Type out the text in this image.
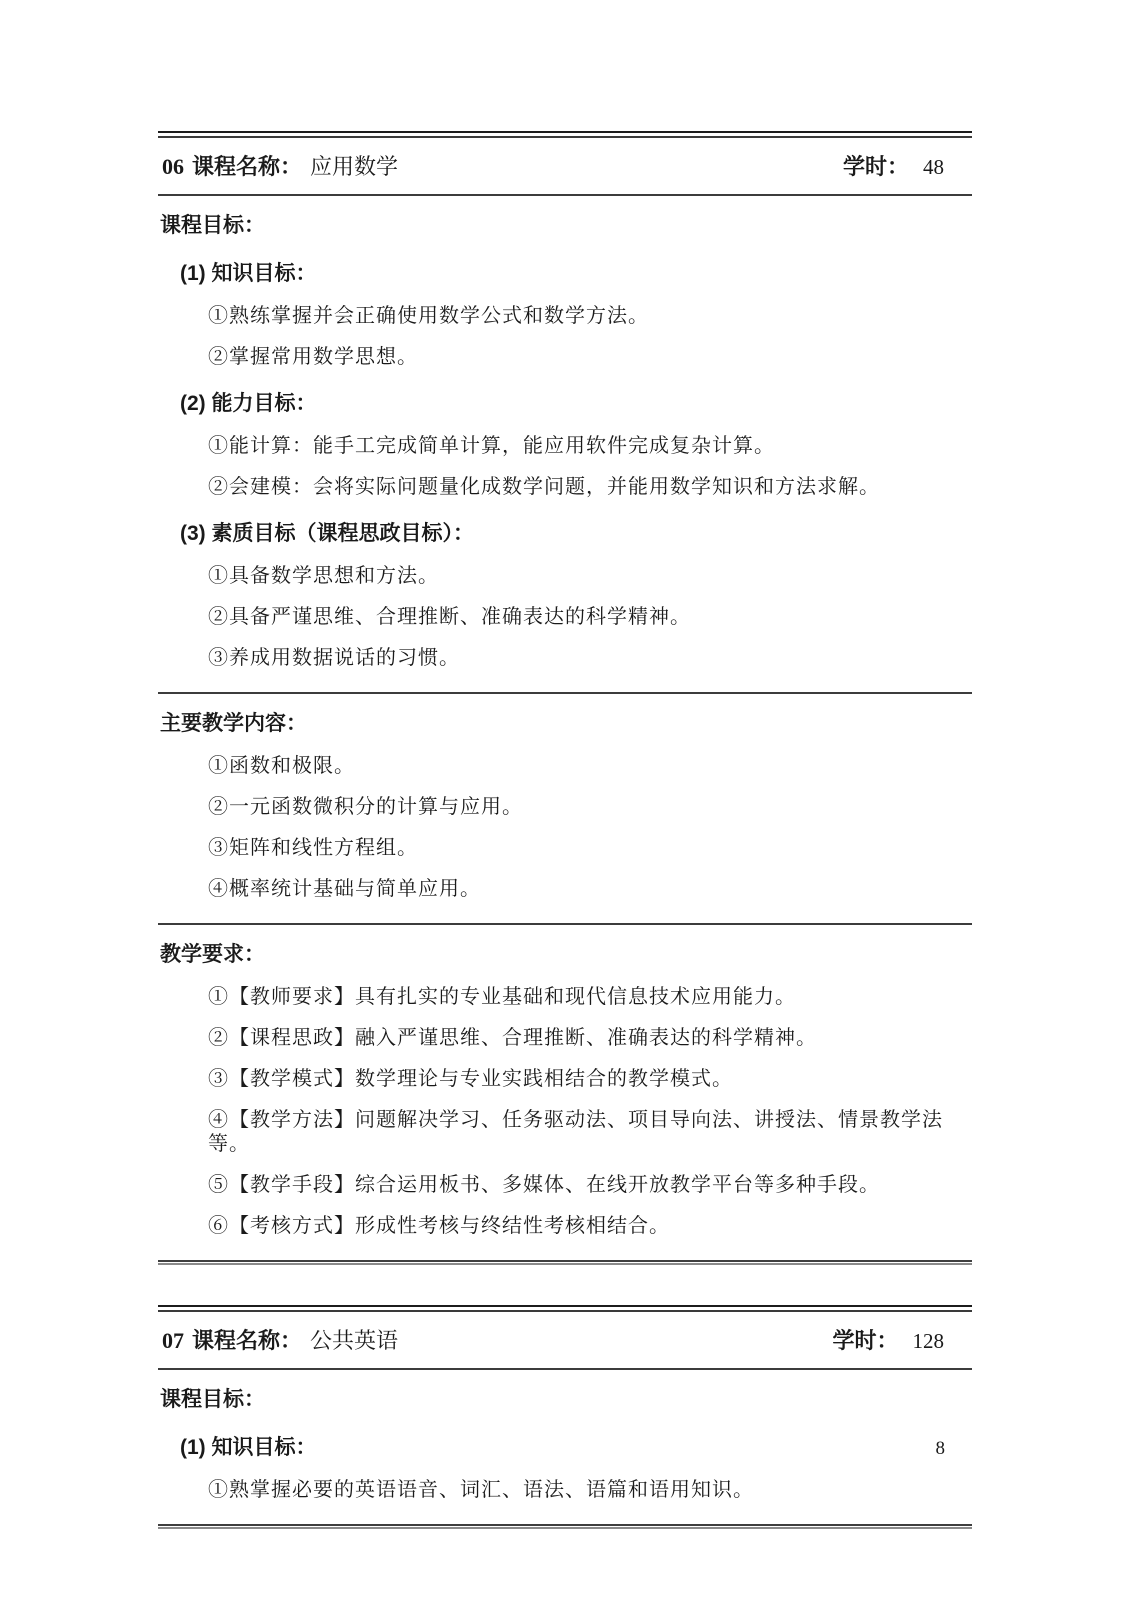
06 课程名称： 应用数学	学时： 48
课程目标：
(1) 知识目标：

①熟练掌握并会正确使用数学公式和数学方法。

②掌握常用数学思想。

(2) 能力目标：

①能计算：能手工完成简单计算，能应用软件完成复杂计算。

②会建模：会将实际问题量化成数学问题，并能用数学知识和方法求解。

(3) 素质目标（课程思政目标）：

①具备数学思想和方法。

②具备严谨思维、合理推断、准确表达的科学精神。

③养成用数据说话的习惯。

主要教学内容：

①函数和极限。

②一元函数微积分的计算与应用。

③矩阵和线性方程组。

④概率统计基础与简单应用。

教学要求：

①【教师要求】具有扎实的专业基础和现代信息技术应用能力。

②【课程思政】融入严谨思维、合理推断、准确表达的科学精神。

③【教学模式】数学理论与专业实践相结合的教学模式。

④【教学方法】问题解决学习、任务驱动法、项目导向法、讲授法、情景教学法等。

⑤【教学手段】综合运用板书、多媒体、在线开放教学平台等多种手段。

⑥【考核方式】形成性考核与终结性考核相结合。

07 课程名称： 公共英语	学时： 128
课程目标：
(1) 知识目标：

①熟掌握必要的英语语音、词汇、语法、语篇和语用知识。

8
